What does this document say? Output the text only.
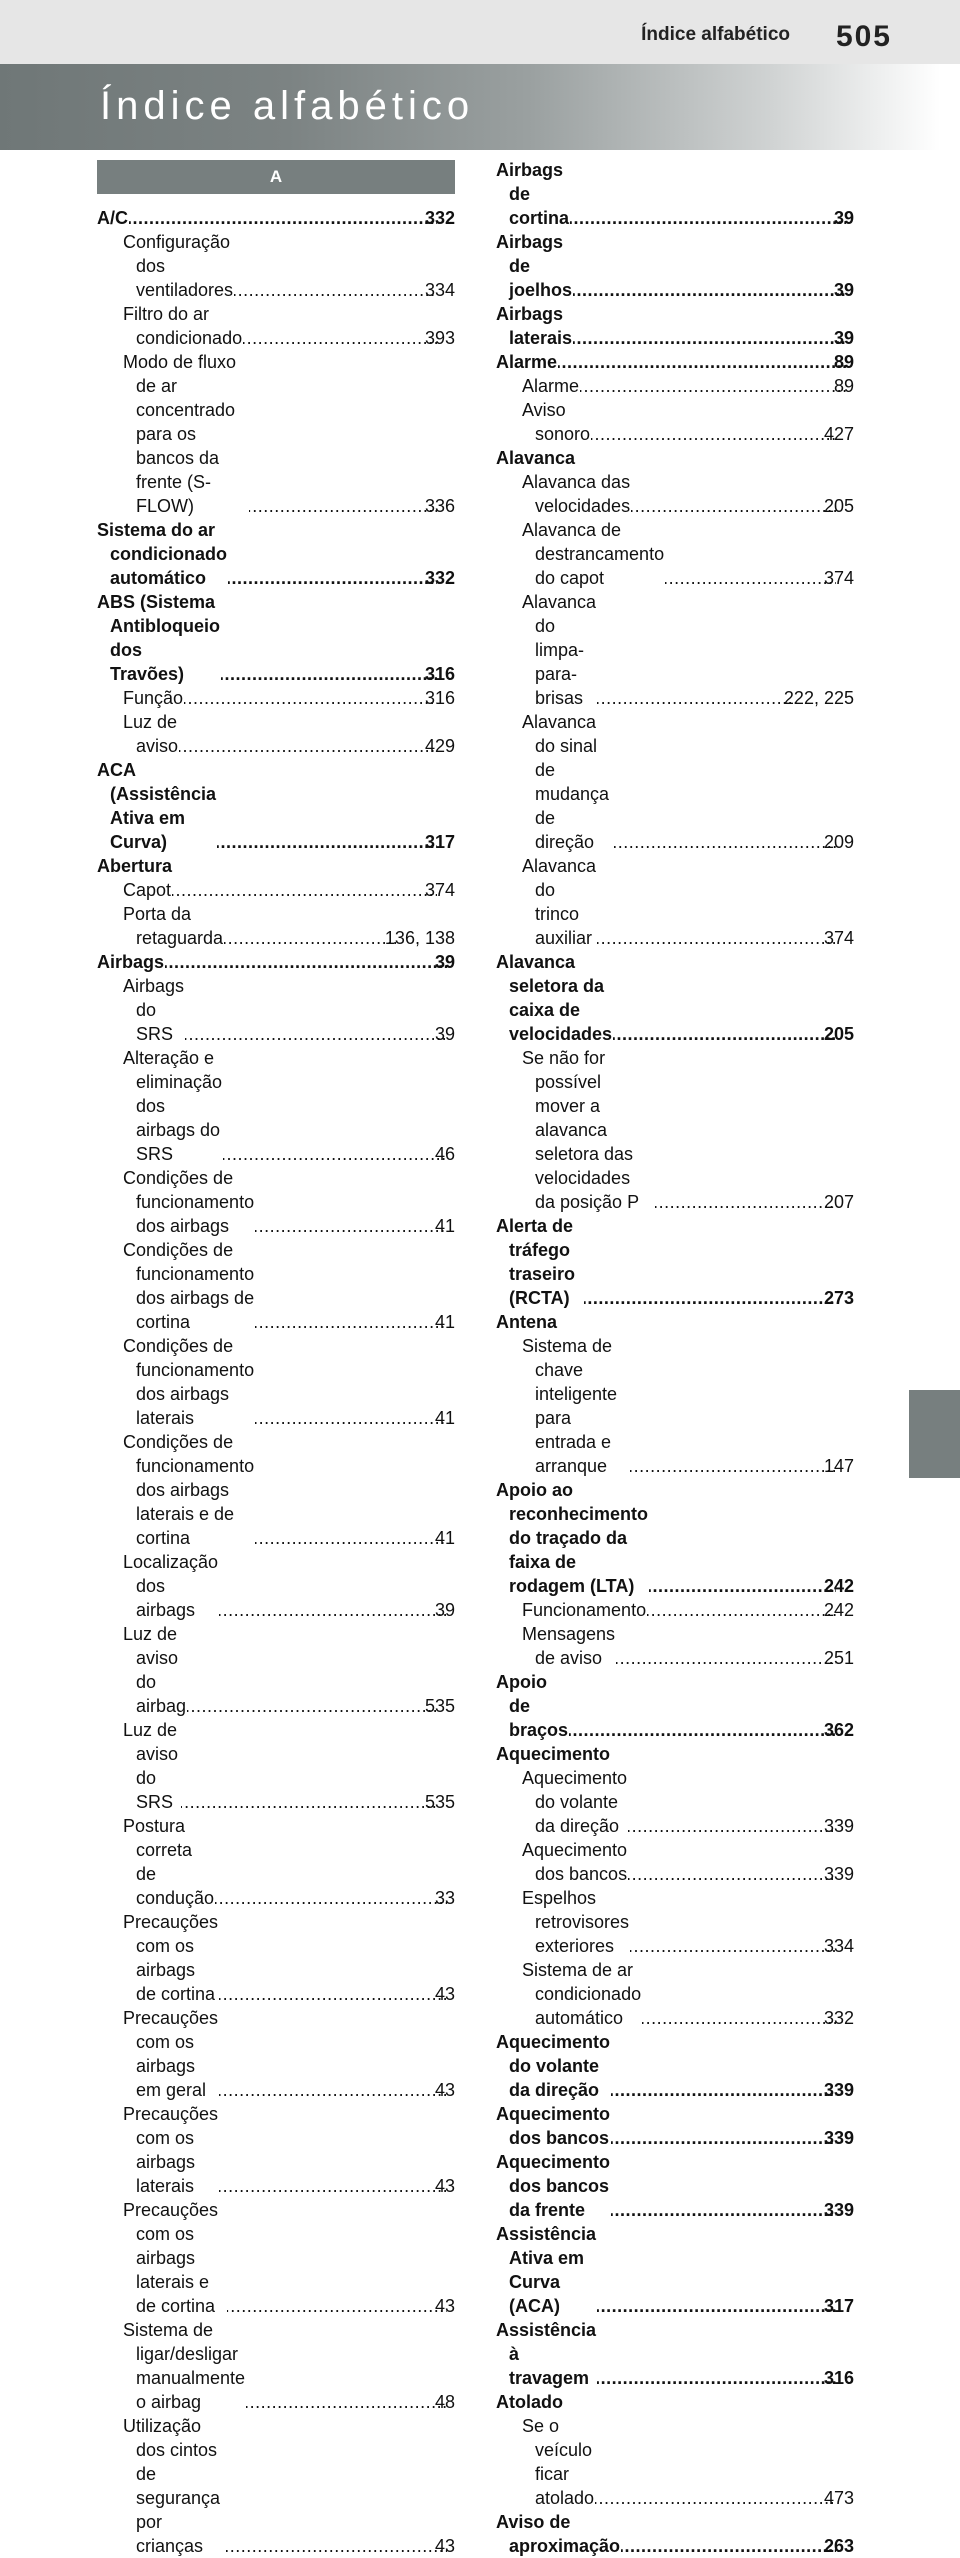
Índice alfabético 505
Índice alfabético
A
A/C .....	332
Configuração dos ventiladores .....	334
Filtro do ar condicionado .....	393
Modo de fluxo de ar concentrado para os bancos da frente (S-FLOW) .....	336
Sistema do ar condicionado automático .....	332
ABS (Sistema Antibloqueio dos Travões) .....	316
Função .....	316
Luz de aviso .....	429
ACA (Assistência Ativa em Curva) .....	317
Abertura
Capot .....	374
Porta da retaguarda .....	136, 138
Airbags .....	39
Airbags do SRS .....	39
Alteração e eliminação dos airbags do SRS .....	46
Condições de funcionamento dos airbags .....	41
Condições de funcionamento dos airbags de cortina .....	41
Condições de funcionamento dos airbags laterais .....	41
Condições de funcionamento dos airbags laterais e de cortina .....	41
Localização dos airbags .....	39
Luz de aviso do airbag .....	535
Luz de aviso do SRS .....	535
Postura correta de condução .....	33
Precauções com os airbags de cortina .....	43
Precauções com os airbags em geral .....	43
Precauções com os airbags laterais .....	43
Precauções com os airbags laterais e de cortina .....	43
Sistema de ligar/desligar manualmente o airbag .....	48
Utilização dos cintos de segurança por crianças .....	43
Airbags de cortina .....	39
Airbags de joelhos .....	39
Airbags laterais .....	39
Alarme .....	89
Alarme .....	89
Aviso sonoro .....	427
Alavanca
Alavanca das velocidades .....	205
Alavanca de destrancamento do capot .....	374
Alavanca do limpa-para-brisas .....	222, 225
Alavanca do sinal de mudança de direção .....	209
Alavanca do trinco auxiliar .....	374
Alavanca seletora da caixa de velocidades .....	205
Se não for possível mover a alavanca seletora das velocidades da posição P .....	207
Alerta de tráfego traseiro (RCTA) .....	273
Antena
Sistema de chave inteligente para entrada e arranque .....	147
Apoio ao reconhecimento do traçado da faixa de rodagem (LTA) .....	242
Funcionamento .....	242
Mensagens de aviso .....	251
Apoio de braços .....	362
Aquecimento
Aquecimento do volante da direção .....	339
Aquecimento dos bancos .....	339
Espelhos retrovisores exteriores .....	334
Sistema de ar condicionado automático .....	332
Aquecimento do volante da direção .....	339
Aquecimento dos bancos .....	339
Aquecimento dos bancos da frente .....	339
Assistência Ativa em Curva (ACA) .....	317
Assistência à travagem .....	316
Atolado
Se o veículo ficar atolado .....	473
Aviso de aproximação .....	263
